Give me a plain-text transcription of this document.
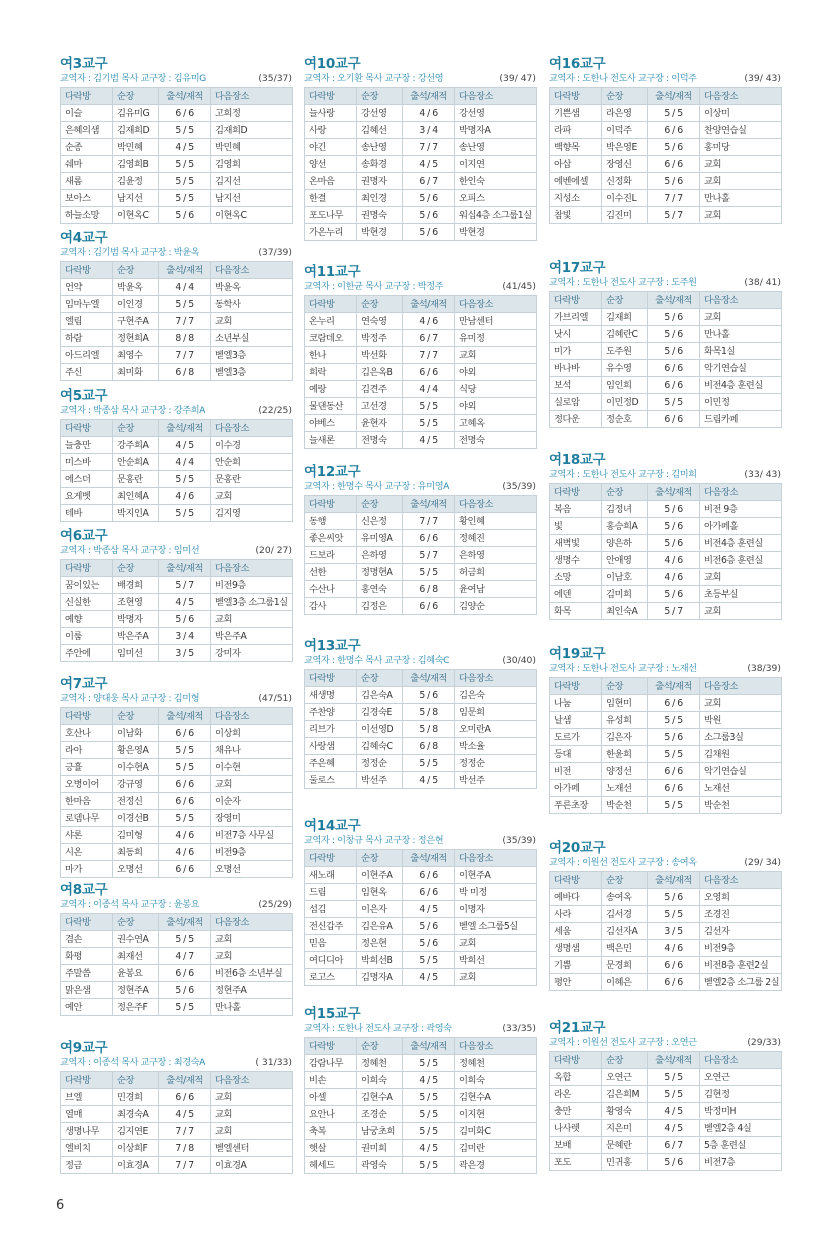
여3교구
교역자 : 김기범 목사 교구장 : 김유미G	(35/37)
다락방	순장	출석/재적	다음장소
이슬	김유미G	6 / 6	고희정
은혜의샘	김재희D	5 / 5	김재희D
순종	박민혜	4 / 5	박민혜
쉐마	김영희B	5 / 5	김영희
새롬	김윤정	5 / 5	김지선
보아스	남지선	5 / 5	남지선
하늘소망	이현옥C	5 / 6	이현옥C
여4교구
교역자 : 김기범 목사 교구장 : 박윤옥	(37/39)
다락방	순장	출석/재적	다음장소
언약	박윤옥	4 / 4	박윤옥
임마누엘	이인경	5 / 5	동학사
엘림	구현주A	7 / 7	교회
하람	정현희A	8 / 8	소년부실
아드리엘	최영수	7 / 7	벧엘3층
주신	최미화	6 / 8	벧엘3층
여5교구
교역자 : 박종삼 목사 교구장 : 강주희A	(22/25)
다락방	순장	출석/재적	다음장소
늘충만	강주희A	4 / 5	이수경
미스바	안순희A	4 / 4	안순희
에스더	문홍란	5 / 5	문홍란
요게벳	최인혜A	4 / 6	교회
테바	박지인A	5 / 5	김지영
여6교구
교역자 : 박종삼 목사 교구장 : 임미선	(20/ 27)
다락방	순장	출석/재적	다음장소
꿈이있는	배경희	5 / 7	비전9층
신실한	조현영	4 / 5	벧엘3층 소그룹1실
예향	박명자	5 / 6	교회
이룸	박은주A	3 / 4	박은주A
주안에	임미선	3 / 5	강미자
여7교구
교역자 : 양대웅 목사 교구장 : 김미형	(47/51)
다락방	순장	출석/재적	다음장소
호산나	이남화	6 / 6	이상희
라아	황은영A	5 / 5	채유나
긍휼	이수현A	5 / 5	이수현
오병이어	강규영	6 / 6	교회
한마음	전정신	6 / 6	이순자
로뎀나무	이경선B	5 / 5	장영미
샤론	김미형	4 / 6	비전7층 사무실
시온	최동희	4 / 6	비전9층
마가	오명선	6 / 6	오명선
여8교구
교역자 : 이종석 목사 교구장 : 윤봉요	(25/29)
다락방	순장	출석/재적	다음장소
겸손	권수연A	5 / 5	교회
화평	최재선	4 / 7	교회
주말씀	윤봉요	6 / 6	비전6층 소년부실
맑은샘	정현주A	5 / 6	정현주A
예안	정은주F	5 / 5	만나홀
여9교구
교역자 : 이종석 목사 교구장 : 최경숙A	( 31/33)
다락방	순장	출석/재적	다음장소
브엘	민경희	6 / 6	교회
열매	최경숙A	4 / 5	교회
생명나무	김지연E	7 / 7	교회
엘비치	이상희F	7 / 8	벧엘센터
정금	이효경A	7 / 7	이효경A
여10교구
교역자 : 오기환 목사 교구장 : 강선영	(39/ 47)
다락방	순장	출석/재적	다음장소
늘사랑	강선영	4 / 6	강선영
사랑	김혜선	3 / 4	박명자A
야긴	송난영	7 / 7	송난영
양선	송화경	4 / 5	이지연
온마음	권명자	6 / 7	한인숙
한결	최인경	5 / 6	오피스
포도나무	권명숙	5 / 6	워십4층 소그룹1실
가온누리	박현경	5 / 6	박현경
여11교구
교역자 : 이한균 목사 교구장 : 박정주	(41/45)
다락방	순장	출석/재적	다음장소
온누리	연숙영	4 / 6	만남센터
코람데오	박정주	6 / 7	유미정
한나	박선화	7 / 7	교회
희락	김은옥B	6 / 6	야외
예랑	김견주	4 / 4	식당
물댄동산	고선경	5 / 5	야외
야베스	윤현자	5 / 5	고혜옥
늘새론	전명숙	4 / 5	전명숙
여12교구
교역자 : 한명수 목사 교구장 : 유미영A	(35/39)
다락방	순장	출석/재적	다음장소
동행	신은정	7 / 7	황인혜
좋은씨앗	유미영A	6 / 6	정혜진
드보라	은하영	5 / 7	은하영
선한	정명현A	5 / 5	허금희
수산나	홍연숙	6 / 8	윤여남
감사	김정은	6 / 6	김양순
여13교구
교역자 : 한명수 목사 교구장 : 김혜숙C	(30/40)
다락방	순장	출석/재적	다음장소
새생명	김은숙A	5 / 6	김은숙
주찬양	김경숙E	5 / 8	임문희
리브가	이선영D	5 / 8	오미란A
사랑샘	김혜숙C	6 / 8	박소율
주은혜	정정순	5 / 5	정정순
둘로스	박선주	4 / 5	박선주
여14교구
교역자 : 이창규 목사 교구장 : 정은현	(35/39)
다락방	순장	출석/재적	다음장소
새노래	이현주A	6 / 6	이현주A
드림	임현옥	6 / 6	박 미정
섬김	이은자	4 / 5	이명자
전신갑주	김은유A	5 / 6	벧엘 소그룹5실
믿음	정은현	5 / 6	교회
여디디아	박희선B	5 / 5	박희선
로고스	김명자A	4 / 5	교회
여15교구
교역자 : 도한나 전도사 교구장 : 곽영숙	(33/35)
다락방	순장	출석/재적	다음장소
감람나무	정혜천	5 / 5	정혜천
비손	이희숙	4 / 5	이희숙
아셀	김현수A	5 / 5	김현수A
요안나	조경순	5 / 5	이지현
축복	남궁초희	5 / 5	김미화C
햇살	권미희	4 / 5	김미란
헤세드	곽영숙	5 / 5	곽은경
여16교구
교역자 : 도한나 전도사 교구장 : 이덕주	(39/ 43)
다락방	순장	출석/재적	다음장소
기쁜샘	라은영	5 / 5	이상미
라파	이덕주	6 / 6	찬양연습실
백향목	박은영E	5 / 6	홍미당
아삽	장영신	6 / 6	교회
에벤에셀	신정화	5 / 6	교회
지성소	이수진L	7 / 7	만나홀
참빛	김진미	5 / 7	교회
여17교구
교역자 : 도한나 전도사 교구장 : 도주원	(38/ 41)
다락방	순장	출석/재적	다음장소
가브리엘	김재희	5 / 6	교회
낫시	김혜란C	5 / 6	만나홀
미가	도주원	5 / 6	화목1실
바나바	유수영	6 / 6	악기연습실
보석	임인희	6 / 6	비전4층 훈련실
실로암	이민정D	5 / 5	이민정
정다운	정순호	6 / 6	드림카페
여18교구
교역자 : 도한나 전도사 교구장 : 김미희	(33/ 43)
다락방	순장	출석/재적	다음장소
복음	김정녀	5 / 6	비전 9층
빛	홍승희A	5 / 6	아가페홀
새벽빛	양은하	5 / 6	비전4층 훈련실
생명수	안애영	4 / 6	비전6층 훈련실
소망	이남호	4 / 6	교회
에덴	김미희	5 / 6	초등부실
화목	최인숙A	5 / 7	교회
여19교구
교역자 : 도한나 전도사 교구장 : 노재선	(38/39)
다락방	순장	출석/재적	다음장소
나눔	임현미	6 / 6	교회
날샘	유성희	5 / 5	박원
도르가	김은자	5 / 6	소그룹3실
등대	한윤희	5 / 5	김채원
비전	양정선	6 / 6	악기연습실
아가페	노재선	6 / 6	노재선
푸른초장	박순천	5 / 5	박순천
여20교구
교역자 : 이원선 전도사 교구장 : 송여옥	(29/ 34)
다락방	순장	출석/재적	다음장소
예바다	송여옥	5 / 6	오영희
사라	김서경	5 / 5	조경진
세움	김선자A	3 / 5	김선자
생명샘	백은민	4 / 6	비전9층
기쁨	문경희	6 / 6	비전8층 훈련2실
평안	이혜은	6 / 6	벧엘2층 소그룹 2실
여21교구
교역자 : 이원선 전도사 교구장 : 오연근	(29/33)
다락방	순장	출석/재적	다음장소
옥합	오연근	5 / 5	오연근
라온	김은희M	5 / 5	김현정
충만	황영숙	4 / 5	박정미H
나사렛	지은미	4 / 5	벧엘2층 4실
보배	문혜란	6 / 7	5층 훈련실
포도	민귀홍	5 / 6	비전7층
6
